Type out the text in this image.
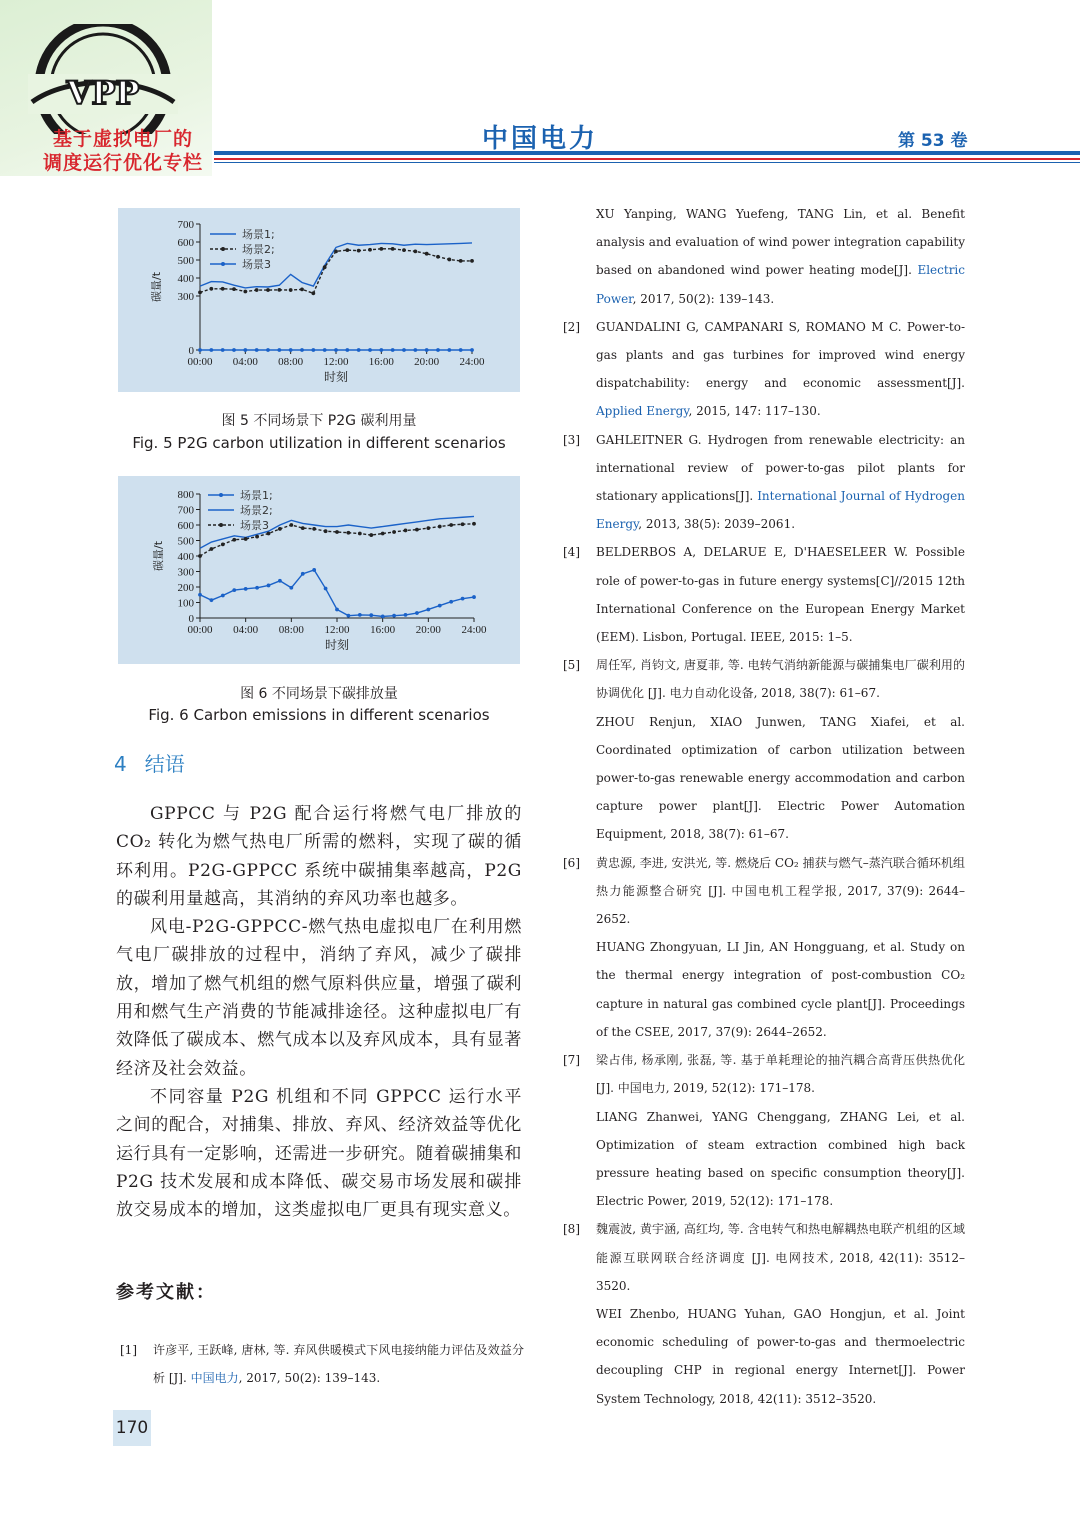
VPP
基于虚拟电厂的
调度运行优化专栏
中国电力	第 53 卷
0
300
400
500
600
700
00:00 04:00 08:00 12:00 16:00 20:00 24:00
时刻
碳量/t
场景1;
场景2;
场景3
图 5 不同场景下 P2G 碳利用量
Fig. 5 P2G carbon utilization in different scenarios
0
100
200
300
400
500
600
700
800
00:00 04:00 08:00 12:00 16:00 20:00 24:00
时刻
碳量/t
场景1;
场景2;
场景3
图 6 不同场景下碳排放量
Fig. 6 Carbon emissions in different scenarios
4 结语

GPPCC 与 P2G 配合运行将燃气电厂排放的 CO₂ 转化为燃气热电厂所需的燃料，实现了碳的循环利用。P2G-GPPCC 系统中碳捕集率越高，P2G 的碳利用量越高，其消纳的弃风功率也越多。

风电-P2G-GPPCC-燃气热电虚拟电厂在利用燃气电厂碳排放的过程中，消纳了弃风，减少了碳排放，增加了燃气机组的燃气原料供应量，增强了碳利用和燃气生产消费的节能减排途径。这种虚拟电厂有效降低了碳成本、燃气成本以及弃风成本，具有显著经济及社会效益。

不同容量 P2G 机组和不同 GPPCC 运行水平之间的配合，对捕集、排放、弃风、经济效益等优化运行具有一定影响，还需进一步研究。随着碳捕集和 P2G 技术发展和成本降低、碳交易市场发展和碳排放交易成本的增加，这类虚拟电厂更具有现实意义。

参考文献：
[1] 许彦平, 王跃峰, 唐林, 等. 弃风供暖模式下风电接纳能力评估及效益分析 [J]. 中国电力, 2017, 50(2): 139–143.
XU Yanping, WANG Yuefeng, TANG Lin, et al. Benefit analysis and evaluation of wind power integration capability based on abandoned wind power heating mode[J]. Electric Power, 2017, 50(2): 139–143.
[2] GUANDALINI G, CAMPANARI S, ROMANO M C. Power-to-gas plants and gas turbines for improved wind energy dispatchability: energy and economic assessment[J]. Applied Energy, 2015, 147: 117–130.
[3] GAHLEITNER G. Hydrogen from renewable electricity: an international review of power-to-gas pilot plants for stationary applications[J]. International Journal of Hydrogen Energy, 2013, 38(5): 2039–2061.
[4] BELDERBOS A, DELARUE E, D'HAESELEER W. Possible role of power-to-gas in future energy systems[C]//2015 12th International Conference on the European Energy Market (EEM). Lisbon, Portugal. IEEE, 2015: 1–5.
[5] 周任军, 肖钧文, 唐夏菲, 等. 电转气消纳新能源与碳捕集电厂碳利用的协调优化 [J]. 电力自动化设备, 2018, 38(7): 61–67.
ZHOU Renjun, XIAO Junwen, TANG Xiafei, et al. Coordinated optimization of carbon utilization between power-to-gas renewable energy accommodation and carbon capture power plant[J]. Electric Power Automation Equipment, 2018, 38(7): 61–67.
[6] 黄忠源, 李进, 安洪光, 等. 燃烧后 CO₂ 捕获与燃气–蒸汽联合循环机组热力能源整合研究 [J]. 中国电机工程学报, 2017, 37(9): 2644–2652.
HUANG Zhongyuan, LI Jin, AN Hongguang, et al. Study on the thermal energy integration of post-combustion CO₂ capture in natural gas combined cycle plant[J]. Proceedings of the CSEE, 2017, 37(9): 2644–2652.
[7] 梁占伟, 杨承刚, 张磊, 等. 基于单耗理论的抽汽耦合高背压供热优化 [J]. 中国电力, 2019, 52(12): 171–178.
LIANG Zhanwei, YANG Chenggang, ZHANG Lei, et al. Optimization of steam extraction combined high back pressure heating based on specific consumption theory[J]. Electric Power, 2019, 52(12): 171–178.
[8] 魏震波, 黄宇涵, 高红均, 等. 含电转气和热电解耦热电联产机组的区域能源互联网联合经济调度 [J]. 电网技术, 2018, 42(11): 3512–3520.
WEI Zhenbo, HUANG Yuhan, GAO Hongjun, et al. Joint economic scheduling of power-to-gas and thermoelectric decoupling CHP in regional energy Internet[J]. Power System Technology, 2018, 42(11): 3512–3520.
170
